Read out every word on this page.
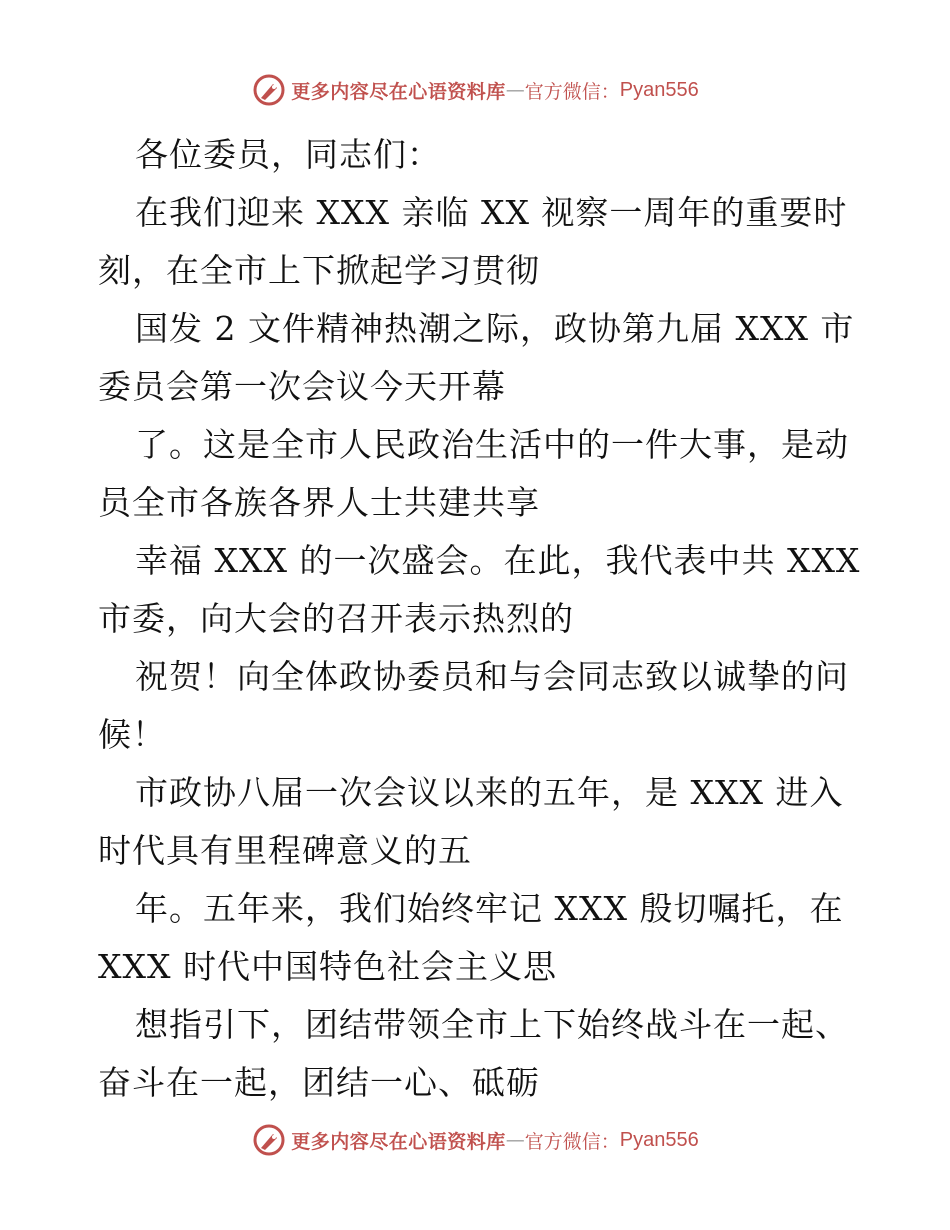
更多内容尽在心语资料库 — 官方微信 ： Pyan556
各位委员，同志们：
在我们迎来 XXX 亲临 XX 视察一周年的重要时
刻，在全市上下掀起学习贯彻
国发 2 文件精神热潮之际，政协第九届 XXX 市
委员会第一次会议今天开幕
了。这是全市人民政治生活中的一件大事，是动
员全市各族各界人士共建共享
幸福 XXX 的一次盛会。在此，我代表中共 XXX
市委，向大会的召开表示热烈的
祝贺！向全体政协委员和与会同志致以诚挚的问
候！
市政协八届一次会议以来的五年，是 XXX 进入
时代具有里程碑意义的五
年。五年来，我们始终牢记 XXX 殷切嘱托，在
XXX 时代中国特色社会主义思
想指引下，团结带领全市上下始终战斗在一起、
奋斗在一起，团结一心、砥砺
更多内容尽在心语资料库 — 官方微信 ： Pyan556
